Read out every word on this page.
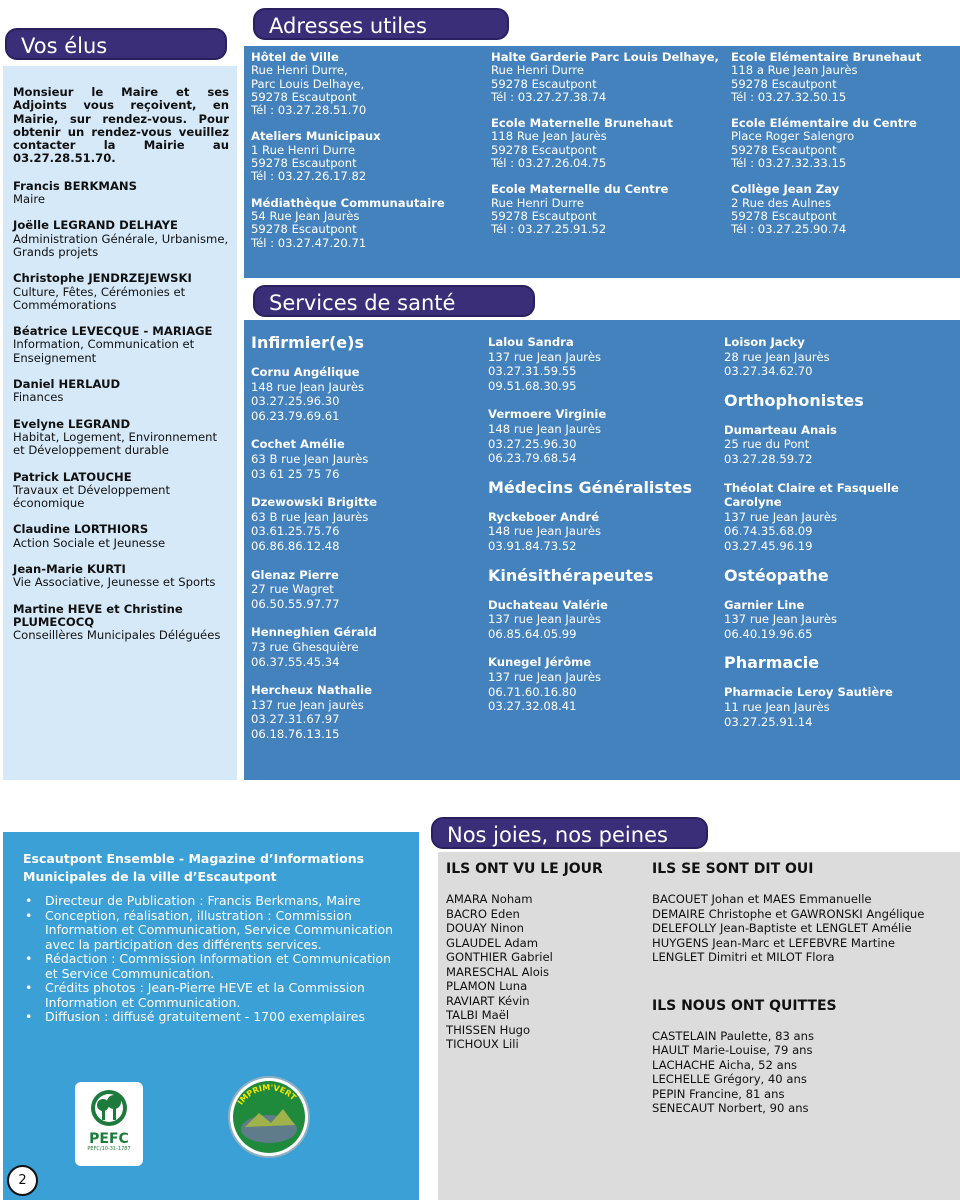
Vos élus
Monsieur le Maire et ses Adjoints vous reçoivent, en Mairie, sur rendez-vous. Pour obtenir un rendez-vous veuillez contacter la Mairie au 03.27.28.51.70.
Francis BERKMANS
Maire
Joëlle LEGRAND DELHAYE
Administration Générale, Urbanisme, Grands projets
Christophe JENDRZEJEWSKI
Culture, Fêtes, Cérémonies et Commémorations
Béatrice LEVECQUE - MARIAGE
Information, Communication et Enseignement
Daniel HERLAUD
Finances
Evelyne LEGRAND
Habitat, Logement, Environnement et Développement durable
Patrick LATOUCHE
Travaux et Développement économique
Claudine LORTHIORS
Action Sociale et Jeunesse
Jean-Marie KURTI
Vie Associative, Jeunesse et Sports
Martine HEVE et Christine PLUMECOCQ
Conseillères Municipales Déléguées
Adresses utiles
Hôtel de Ville
Rue Henri Durre,
Parc Louis Delhaye,
59278 Escautpont
Tél : 03.27.28.51.70
Ateliers Municipaux
1 Rue Henri Durre
59278 Escautpont
Tél : 03.27.26.17.82
Médiathèque Communautaire
54 Rue Jean Jaurès
59278 Escautpont
Tél : 03.27.47.20.71
Halte Garderie Parc Louis Delhaye,
Rue Henri Durre
59278 Escautpont
Tél : 03.27.27.38.74
Ecole Maternelle Brunehaut
118 Rue Jean Jaurès
59278 Escautpont
Tél : 03.27.26.04.75
Ecole Maternelle du Centre
Rue Henri Durre
59278 Escautpont
Tél : 03.27.25.91.52
Ecole Elémentaire Brunehaut
118 a Rue Jean Jaurès
59278 Escautpont
Tél : 03.27.32.50.15
Ecole Elémentaire du Centre
Place Roger Salengro
59278 Escautpont
Tél : 03.27.32.33.15
Collège Jean Zay
2 Rue des Aulnes
59278 Escautpont
Tél : 03.27.25.90.74
Services de santé
Infirmier(e)s
Cornu Angélique
148 rue Jean Jaurès
03.27.25.96.30
06.23.79.69.61
Cochet Amélie
63 B rue Jean Jaurès
03 61 25 75 76
Dzewowski Brigitte
63 B rue Jean Jaurès
03.61.25.75.76
06.86.86.12.48
Glenaz Pierre
27 rue Wagret
06.50.55.97.77
Henneghien Gérald
73 rue Ghesquière
06.37.55.45.34
Hercheux Nathalie
137 rue Jean jaurès
03.27.31.67.97
06.18.76.13.15
Lalou Sandra
137 rue Jean Jaurès
03.27.31.59.55
09.51.68.30.95
Vermoere Virginie
148 rue Jean Jaurès
03.27.25.96.30
06.23.79.68.54
Médecins Généralistes
Ryckeboer André
148 rue Jean Jaurès
03.91.84.73.52
Kinésithérapeutes
Duchateau Valérie
137 rue Jean Jaurès
06.85.64.05.99
Kunegel Jérôme
137 rue Jean Jaurès
06.71.60.16.80
03.27.32.08.41
Loison Jacky
28 rue Jean Jaurès
03.27.34.62.70
Orthophonistes
Dumarteau Anais
25 rue du Pont
03.27.28.59.72
Théolat Claire et Fasquelle Carolyne
137 rue Jean Jaurès
06.74.35.68.09
03.27.45.96.19
Ostéopathe
Garnier Line
137 rue Jean Jaurès
06.40.19.96.65
Pharmacie
Pharmacie Leroy Sautière
11 rue Jean Jaurès
03.27.25.91.14
Escautpont Ensemble - Magazine d’Informations Municipales de la ville d’Escautpont
• Directeur de Publication : Francis Berkmans, Maire
• Conception, réalisation, illustration : Commission Information et Communication, Service Communication avec la participation des différents services.
• Rédaction : Commission Information et Communication et Service Communication.
• Crédits photos : Jean-Pierre HEVE et la Commission Information et Communication.
• Diffusion : diffusé gratuitement - 1700 exemplaires
PEFC
PEFC/10-31-1787
IMPRIM'VERT
2
Nos joies, nos peines
ILS ONT VU LE JOUR
AMARA Noham
BACRO Eden
DOUAY Ninon
GLAUDEL Adam
GONTHIER Gabriel
MARESCHAL Alois
PLAMON Luna
RAVIART Kévin
TALBI Maël
THISSEN Hugo
TICHOUX Lili
ILS SE SONT DIT OUI
BACOUET Johan et MAES Emmanuelle
DEMAIRE Christophe et GAWRONSKI Angélique
DELEFOLLY Jean-Baptiste et LENGLET Amélie
HUYGENS Jean-Marc et LEFEBVRE Martine
LENGLET Dimitri et MILOT Flora
ILS NOUS ONT QUITTES
CASTELAIN Paulette, 83 ans
HAULT Marie-Louise, 79 ans
LACHACHE Aicha, 52 ans
LECHELLE Grégory, 40 ans
PEPIN Francine, 81 ans
SENECAUT Norbert, 90 ans
